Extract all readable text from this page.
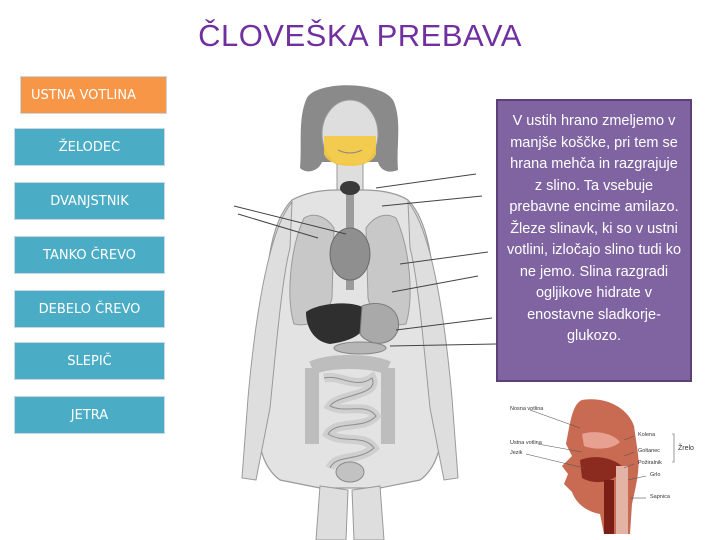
ČLOVEŠKA PREBAVA
USTNA VOTLINA
ŽELODEC
DVANJSTNIK
TANKO ČREVO
DEBELO ČREVO
SLEPIČ
JETRA
V ustih hrano zmeljemo v manjše koščke, pri tem se hrana mehča in razgrajuje z slino. Ta vsebuje prebavne encime amilazo. Žleze slinavk, ki so v ustni votlini, izločajo slino tudi ko ne jemo. Slina razgradi ogljikove hidrate v enostavne sladkorje-glukozo.
Nosna votlina
Ustna votlina
Jezik
Kolena
Goltanec
Požiralnik
Grlo
Sapnica
Žrelo
